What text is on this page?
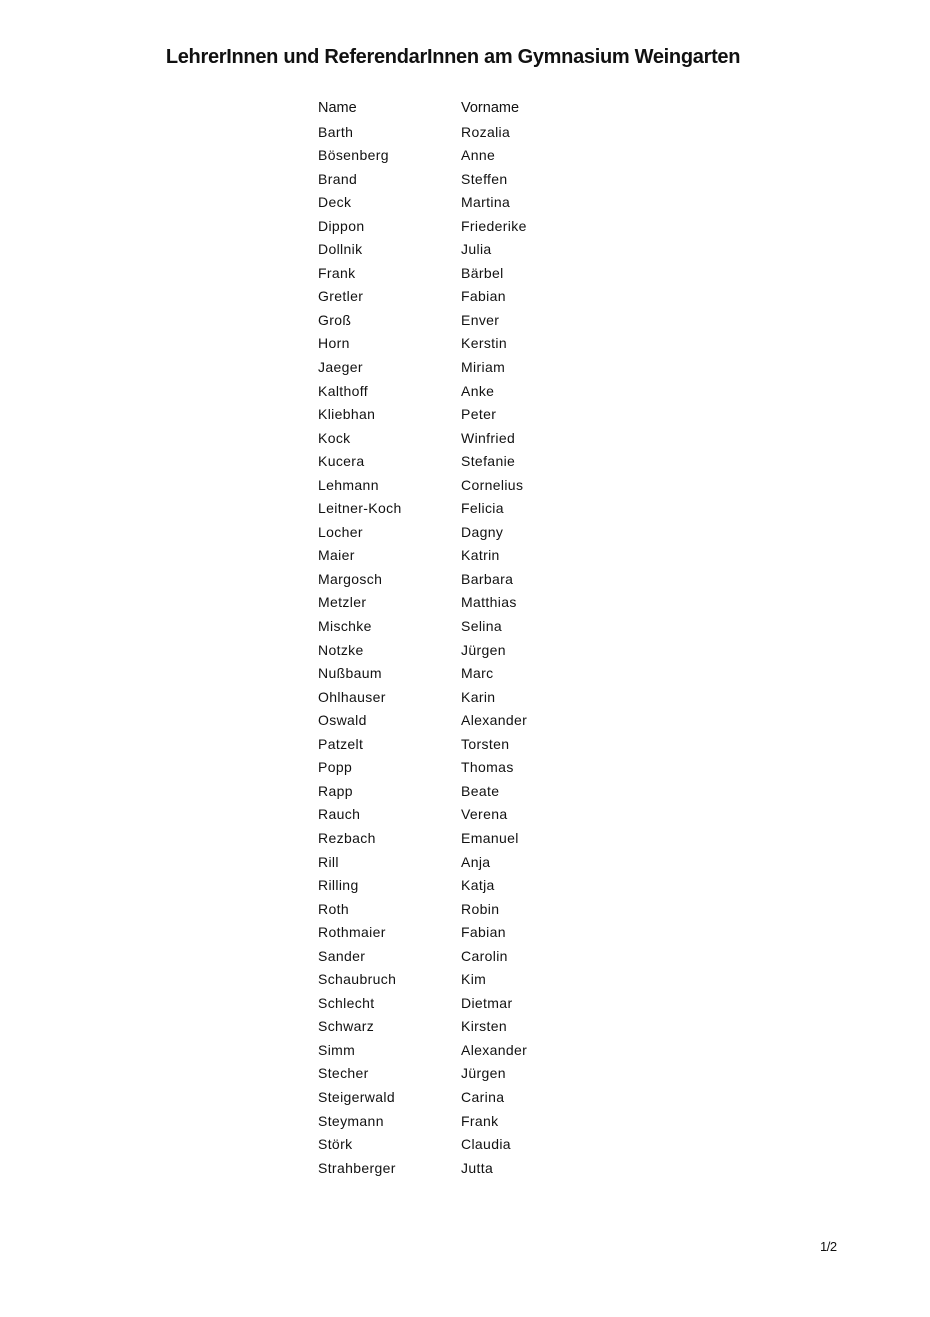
LehrerInnen und ReferendarInnen am Gymnasium Weingarten
Name	Vorname
Barth	Rozalia
Bösenberg	Anne
Brand	Steffen
Deck	Martina
Dippon	Friederike
Dollnik	Julia
Frank	Bärbel
Gretler	Fabian
Groß	Enver
Horn	Kerstin
Jaeger	Miriam
Kalthoff	Anke
Kliebhan	Peter
Kock	Winfried
Kucera	Stefanie
Lehmann	Cornelius
Leitner-Koch	Felicia
Locher	Dagny
Maier	Katrin
Margosch	Barbara
Metzler	Matthias
Mischke	Selina
Notzke	Jürgen
Nußbaum	Marc
Ohlhauser	Karin
Oswald	Alexander
Patzelt	Torsten
Popp	Thomas
Rapp	Beate
Rauch	Verena
Rezbach	Emanuel
Rill	Anja
Rilling	Katja
Roth	Robin
Rothmaier	Fabian
Sander	Carolin
Schaubruch	Kim
Schlecht	Dietmar
Schwarz	Kirsten
Simm	Alexander
Stecher	Jürgen
Steigerwald	Carina
Steymann	Frank
Störk	Claudia
Strahberger	Jutta
1/2
